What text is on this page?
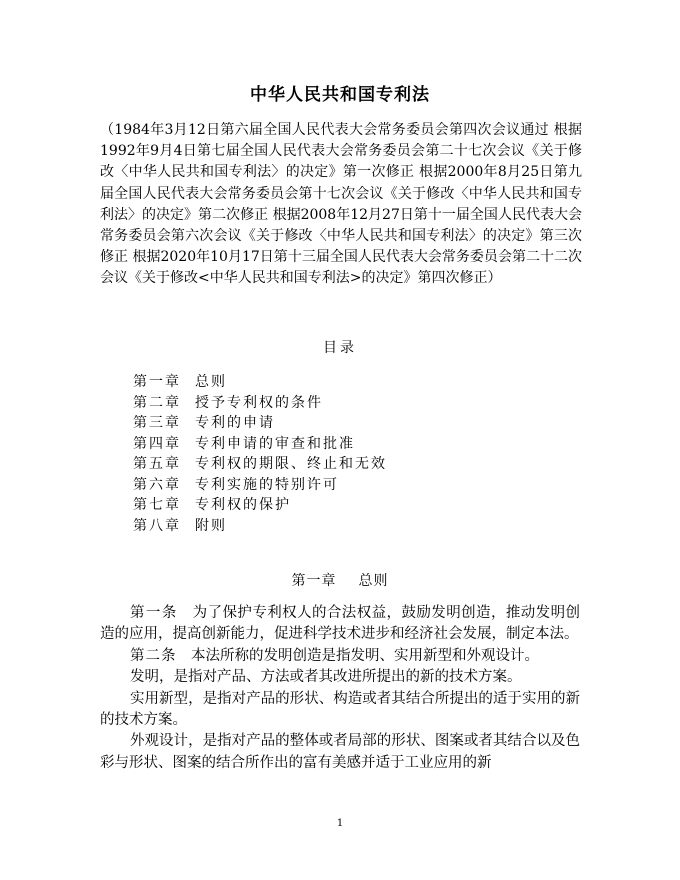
中华人民共和国专利法

（1984年3月12日第六届全国人民代表大会常务委员会第四次会议通过 根据1992年9月4日第七届全国人民代表大会常务委员会第二十七次会议《关于修改〈中华人民共和国专利法〉的决定》第一次修正 根据2000年8月25日第九届全国人民代表大会常务委员会第十七次会议《关于修改〈中华人民共和国专利法〉的决定》第二次修正 根据2008年12月27日第十一届全国人民代表大会常务委员会第六次会议《关于修改〈中华人民共和国专利法〉的决定》第三次修正 根据2020年10月17日第十三届全国人民代表大会常务委员会第二十二次会议《关于修改<中华人民共和国专利法>的决定》第四次修正）

目录
第一章 总则
第二章 授予专利权的条件
第三章 专利的申请
第四章 专利申请的审查和批准
第五章 专利权的期限、终止和无效
第六章 专利实施的特别许可
第七章 专利权的保护
第八章 附则
第一章 总则

第一条　 为了保护专利权人的合法权益，鼓励发明创造，推动发明创造的应用，提高创新能力，促进科学技术进步和经济社会发展，制定本法。

第二条　 本法所称的发明创造是指发明、实用新型和外观设计。

发明，是指对产品、方法或者其改进所提出的新的技术方案。

实用新型，是指对产品的形状、构造或者其结合所提出的适于实用的新的技术方案。

外观设计，是指对产品的整体或者局部的形状、图案或者其结合以及色彩与形状、图案的结合所作出的富有美感并适于工业应用的新

1
